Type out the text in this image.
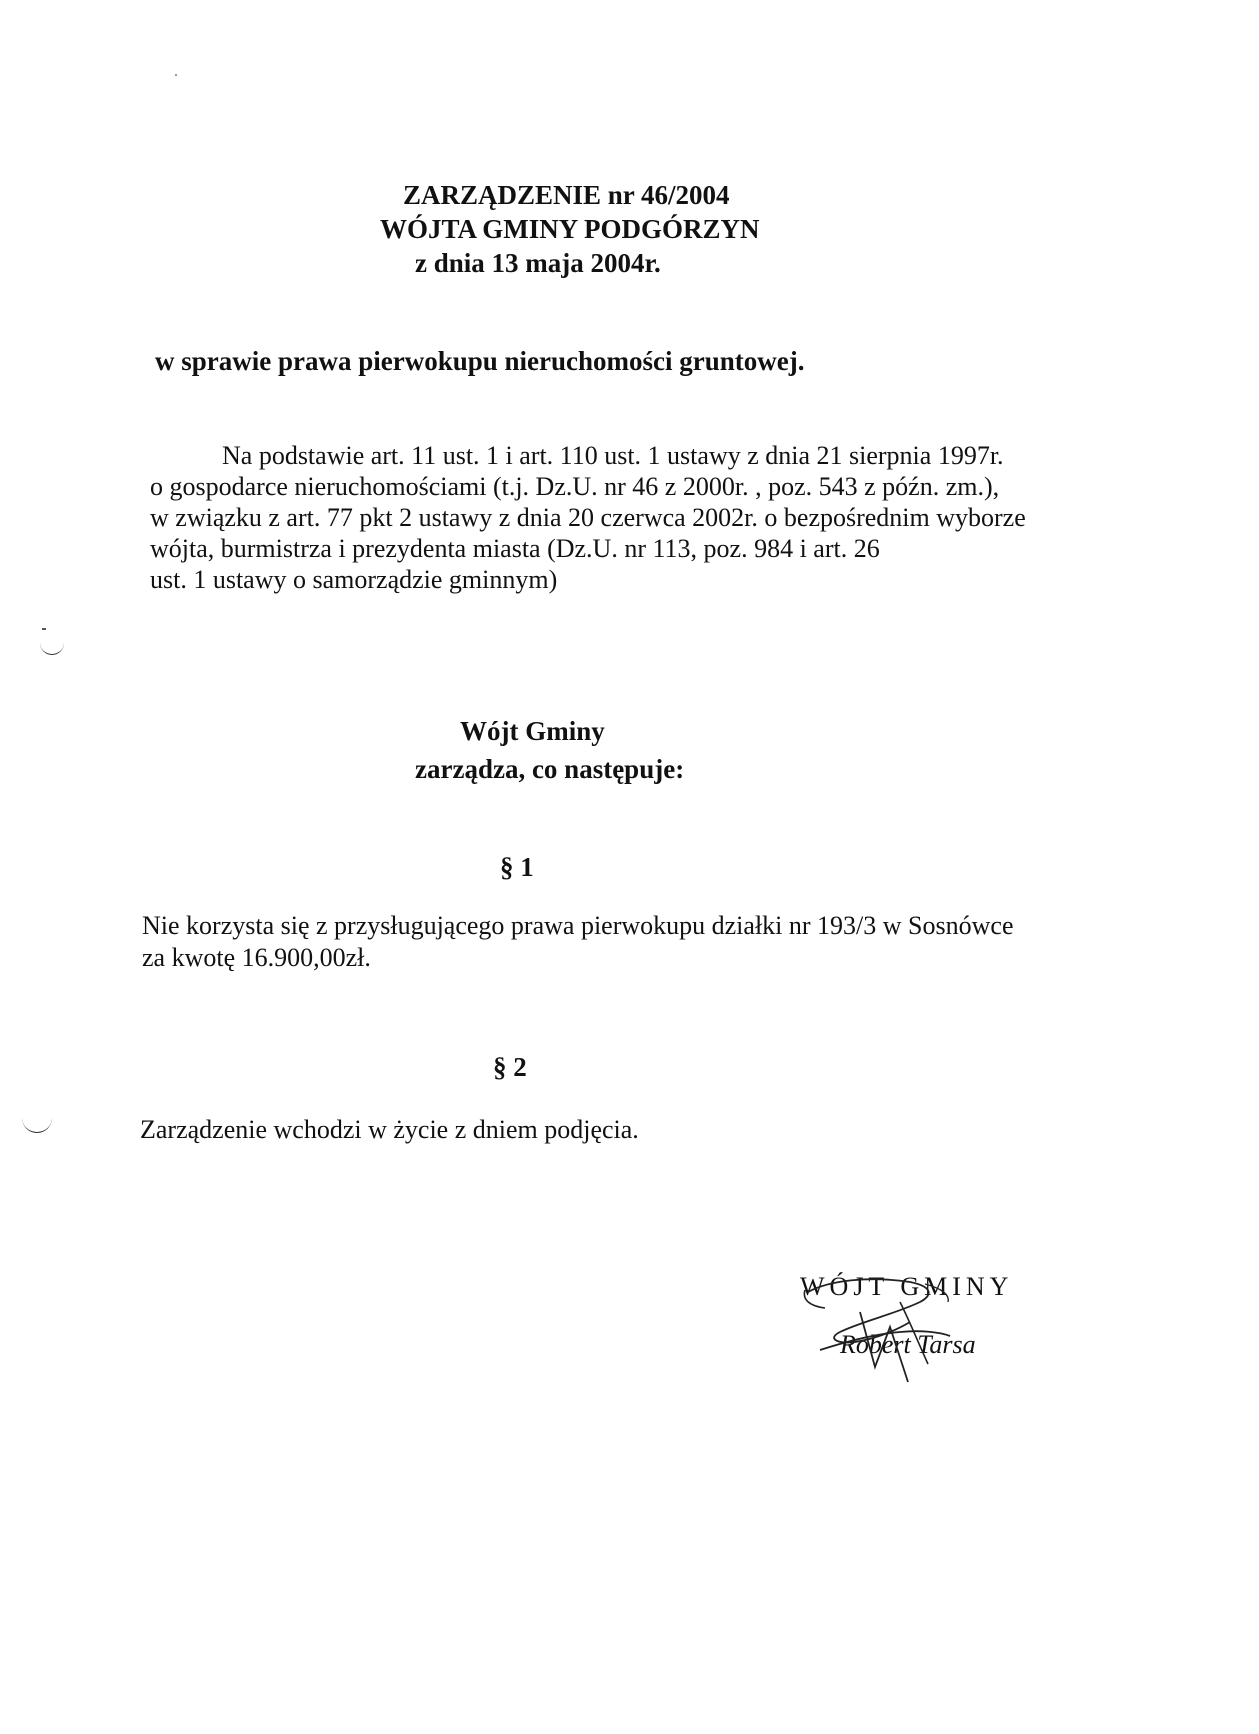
ZARZĄDZENIE nr 46/2004
WÓJTA GMINY PODGÓRZYN
z dnia 13 maja 2004r.
w sprawie prawa pierwokupu nieruchomości gruntowej.
Na podstawie art. 11 ust. 1 i art. 110 ust. 1 ustawy z dnia 21 sierpnia 1997r.
o gospodarce nieruchomościami (t.j. Dz.U. nr 46 z 2000r. , poz. 543 z późn. zm.),
w związku z art. 77 pkt 2 ustawy z dnia 20 czerwca 2002r. o bezpośrednim wyborze
wójta, burmistrza i prezydenta miasta (Dz.U. nr 113, poz. 984 i art. 26
ust. 1 ustawy o samorządzie gminnym)
Wójt Gminy
zarządza, co następuje:
§ 1
Nie korzysta się z przysługującego prawa pierwokupu działki nr 193/3 w Sosnówce
za kwotę 16.900,00zł.
§ 2
Zarządzenie wchodzi w życie z dniem podjęcia.
WÓJT GMINY
Robert Tarsa
